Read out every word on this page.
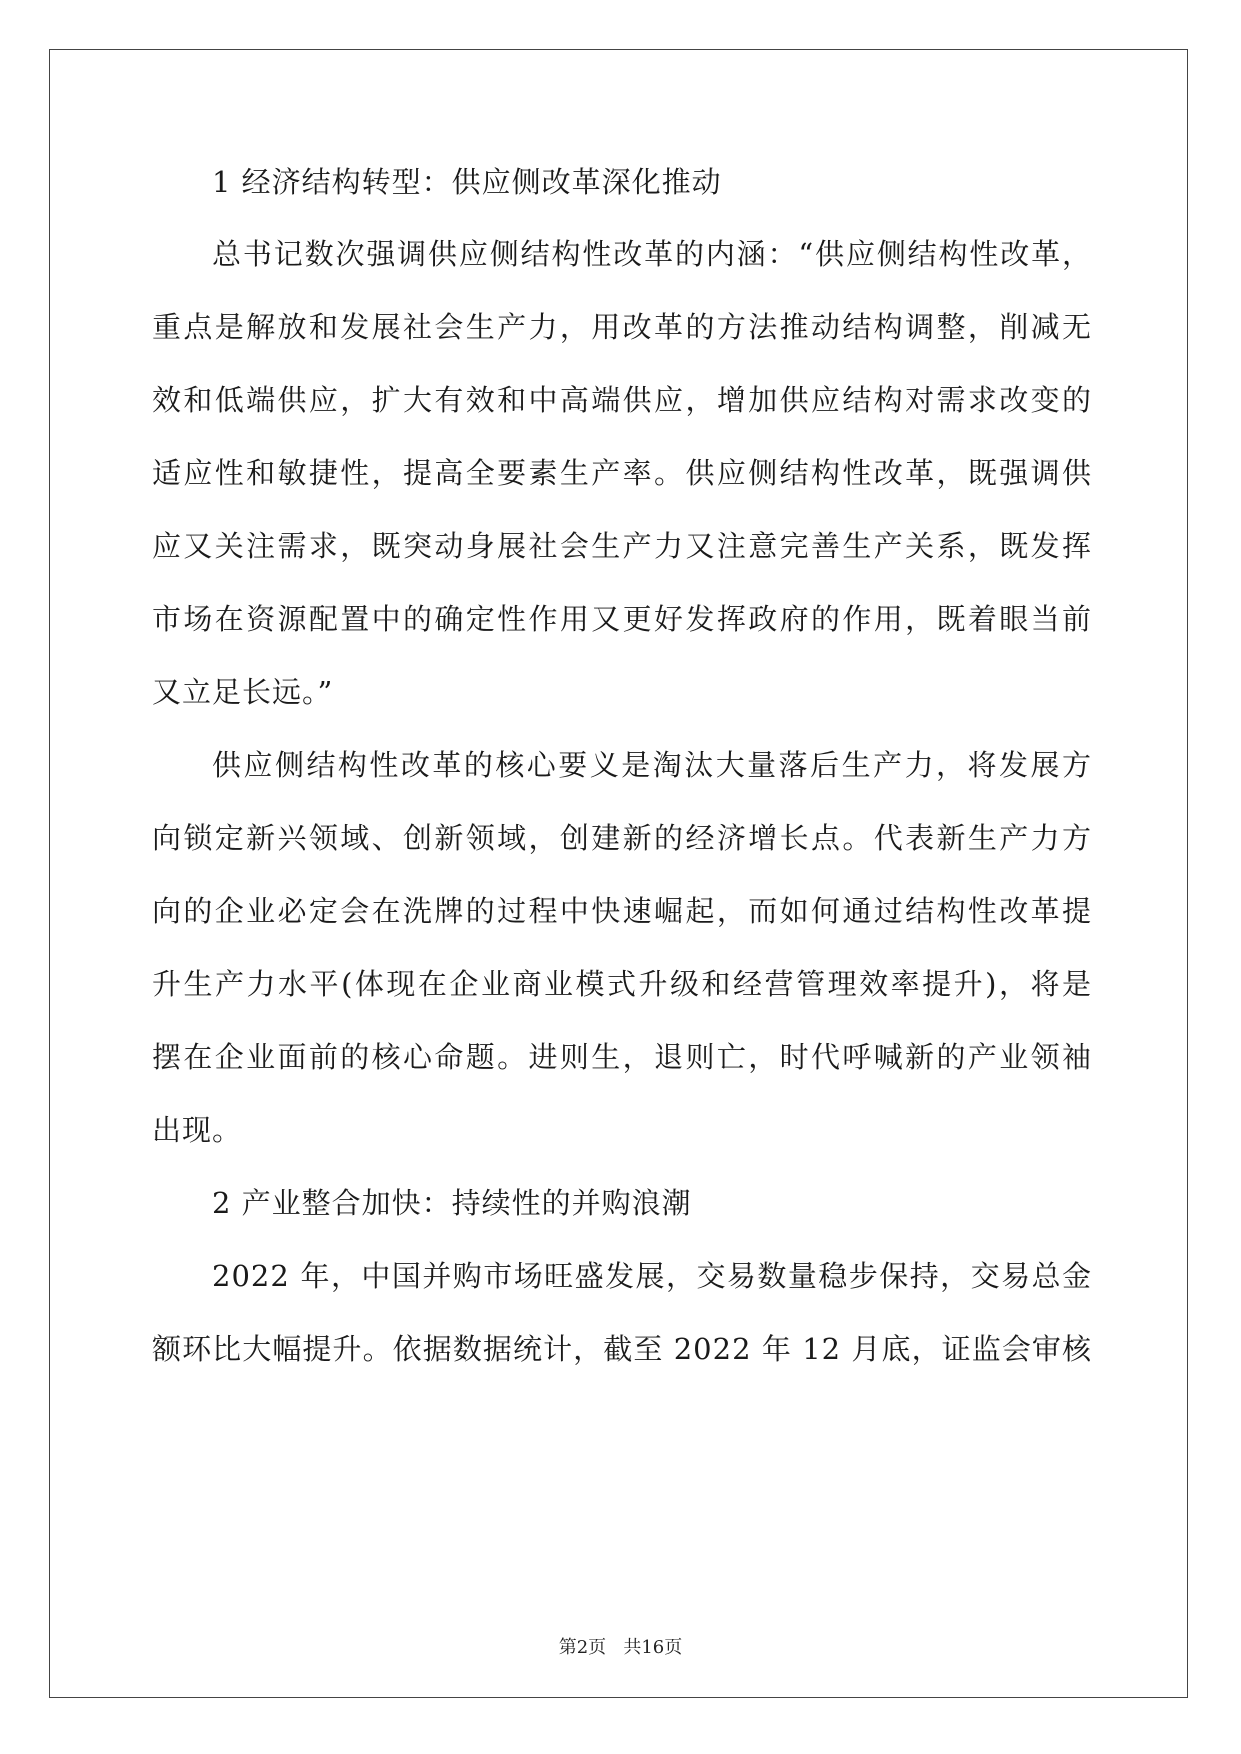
1 经济结构转型：供应侧改革深化推动
总书记数次强调供应侧结构性改革的内涵：“供应侧结构性改革，
重点是解放和发展社会生产力，用改革的方法推动结构调整，削减无
效和低端供应，扩大有效和中高端供应，增加供应结构对需求改变的
适应性和敏捷性，提高全要素生产率。供应侧结构性改革，既强调供
应又关注需求，既突动身展社会生产力又注意完善生产关系，既发挥
市场在资源配置中的确定性作用又更好发挥政府的作用，既着眼当前
又立足长远。”
供应侧结构性改革的核心要义是淘汰大量落后生产力，将发展方
向锁定新兴领域、创新领域，创建新的经济增长点。代表新生产力方
向的企业必定会在洗牌的过程中快速崛起，而如何通过结构性改革提
升生产力水平(体现在企业商业模式升级和经营管理效率提升)，将是
摆在企业面前的核心命题。进则生，退则亡，时代呼喊新的产业领袖
出现。
2 产业整合加快：持续性的并购浪潮
2022 年，中国并购市场旺盛发展，交易数量稳步保持，交易总金
额环比大幅提升。依据数据统计，截至 2022 年 12 月底，证监会审核
第2页 共16页
